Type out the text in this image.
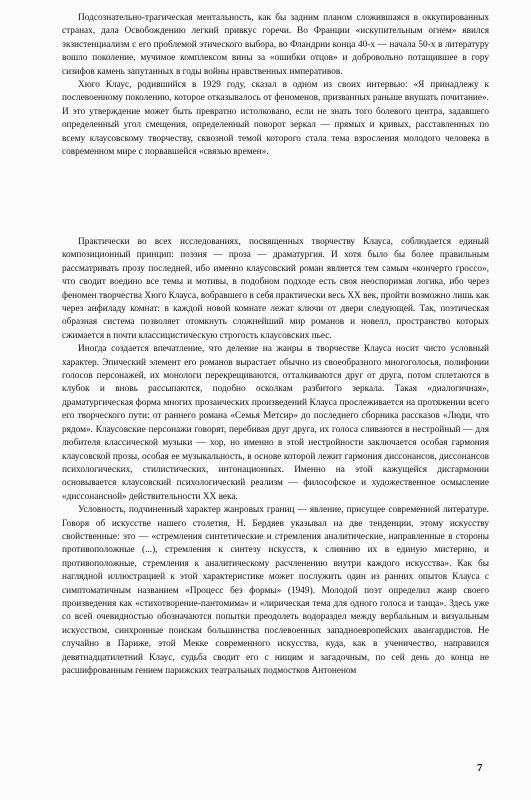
Подсознательно-трагическая ментальность, как бы задним планом сложившаяся в оккупированных странах, дала Освобождению легкий привкус горечи. Во Франции «искупительным огнем» явился экзистенциализм с его проблемой этического выбора, во Фландрии конца 40-х — начала 50-х в литературу вошло поколение, мучимое комплексом вины за «ошибки отцов» и добровольно потащившее в гору сизифов камень запутанных в годы войны нравственных императивов.

Хюго Клаус, родившийся в 1929 году, сказал в одном из своих интервью: «Я принадлежу к послевоенному поколению, которое отказывалось от феноменов, призванных раньше внушать почитание». И это утверждение может быть превратно истолковано, если не знать того болевого центра, задавшего определенный угол смещения, определенный поворот зеркал — прямых и кривых, расставленных по всему клаусовскому творчеству, сквозной темой которого стала тема взросления молодого человека в современном мире с порвавшейся «связью времен».

Практически во всех исследованиях, посвященных творчеству Клауса, соблюдается единый композиционный принцип: поэзия — проза — драматургия. И хотя было бы более правильным рассматривать прозу последней, ибо именно клаусовский роман является тем самым «кончерто гроссо», что сводит воедино все темы и мотивы, в подобном подходе есть своя неоспоримая логика, ибо через феномен творчества Хюго Клауса, вобравшего в себя практически весь XX век, пройти возможно лишь как через анфиладу комнат: в каждой новой комнате лежат ключи от двери следующей. Так, поэтическая образная система позволяет отомкнуть сложнейший мир романов и новелл, пространство которых сжимается в почти классицистическую строгость клаусовских пьес.

Иногда создается впечатление, что деление на жанры в творчестве Клауса носит чисто условный характер. Эпический элемент его романов вырастает обычно из своеобразного многоголосья, полифонии голосов персонажей, их монологи перекрещиваются, отталкиваются друг от друга, потом сплетаются в клубок и вновь рассыпаются, подобно осколкам разбитого зеркала. Такая «диалогичная», драматургическая форма многих прозаических произведений Клауса прослеживается на протяжении всего его творческого пути: от раннего романа «Семья Метсир» до последнего сборника рассказов «Люди, что рядом». Клаусовские персонажи говорят, перебивая друг друга, их голоса сливаются в нестройный — для любителя классической музыки — хор, но именно в этой нестройности заключается особая гармония клаусовской прозы, особая ее музыкальность, в основе которой лежит гармония диссонансов, диссонансов психологических, стилистических, интонационных. Именно на этой кажущейся дисгармонии основывается клаусовский психологический реализм — философское и художественное осмысление «диссонансной» действительности XX века.

Условность, подчиненный характер жанровых границ — явление, присущее современной литературе. Говоря об искусстве нашего столетия, Н. Бердяев указывал на две тенденции, этому искусству свойственные: это — «стремления синтетические и стремления аналитические, направленные в стороны противоположные (...), стремления к синтезу искусств, к слиянию их в единую мистерию, и противоположные, стремления к аналитическому расчленению внутри каждого искусства». Как бы наглядной иллюстрацией к этой характеристике может послужить один из ранних опытов Клауса с симптоматичным названием «Процесс без формы» (1949). Молодой поэт определил жанр своего произведения как «стихотворение-пантомима» и «лирическая тема для одного голоса и танца». Здесь уже со всей очевидностью обозначаются попытки преодолеть водораздел между вербальным и визуальным искусством, синхронные поискам большинства послевоенных западноевропейских авангардистов. Не случайно в Париже, этой Мекке современного искусства, куда, как в ученичество, направился девятнадцатилетний Клаус, судьба сводит его с нищим и загадочным, по сей день до конца не расшифрованным гением парижских театральных подмостков Антоненом

7
